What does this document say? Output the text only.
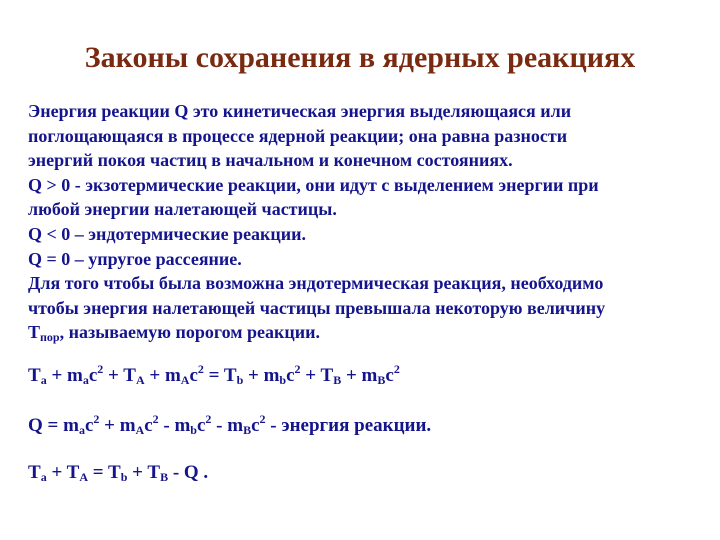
Законы сохранения в ядерных реакциях
Энергия реакции Q это кинетическая энергия выделяющаяся или
поглощающаяся в процессе ядерной реакции; она равна разности
энергий покоя частиц в начальном и конечном состояниях.
Q > 0 - экзотермические реакции, они идут с выделением энергии при
любой энергии налетающей частицы.
Q < 0 – эндотермические реакции.
Q = 0 – упругое рассеяние.
Для того чтобы была возможна эндотермическая реакция, необходимо
чтобы энергия налетающей частицы превышала некоторую величину
$T_{пор}$, называемую порогом реакции.
$T_a + m_ac^2 + T_A + m_Ac^2 = T_b + m_bc^2 + T_B + m_Bc^2$
$Q = m_ac^2 + m_Ac^2 - m_bc^2 - m_Bc^2$ - энергия реакции.
$T_a + T_A = T_b + T_B - Q$ .
